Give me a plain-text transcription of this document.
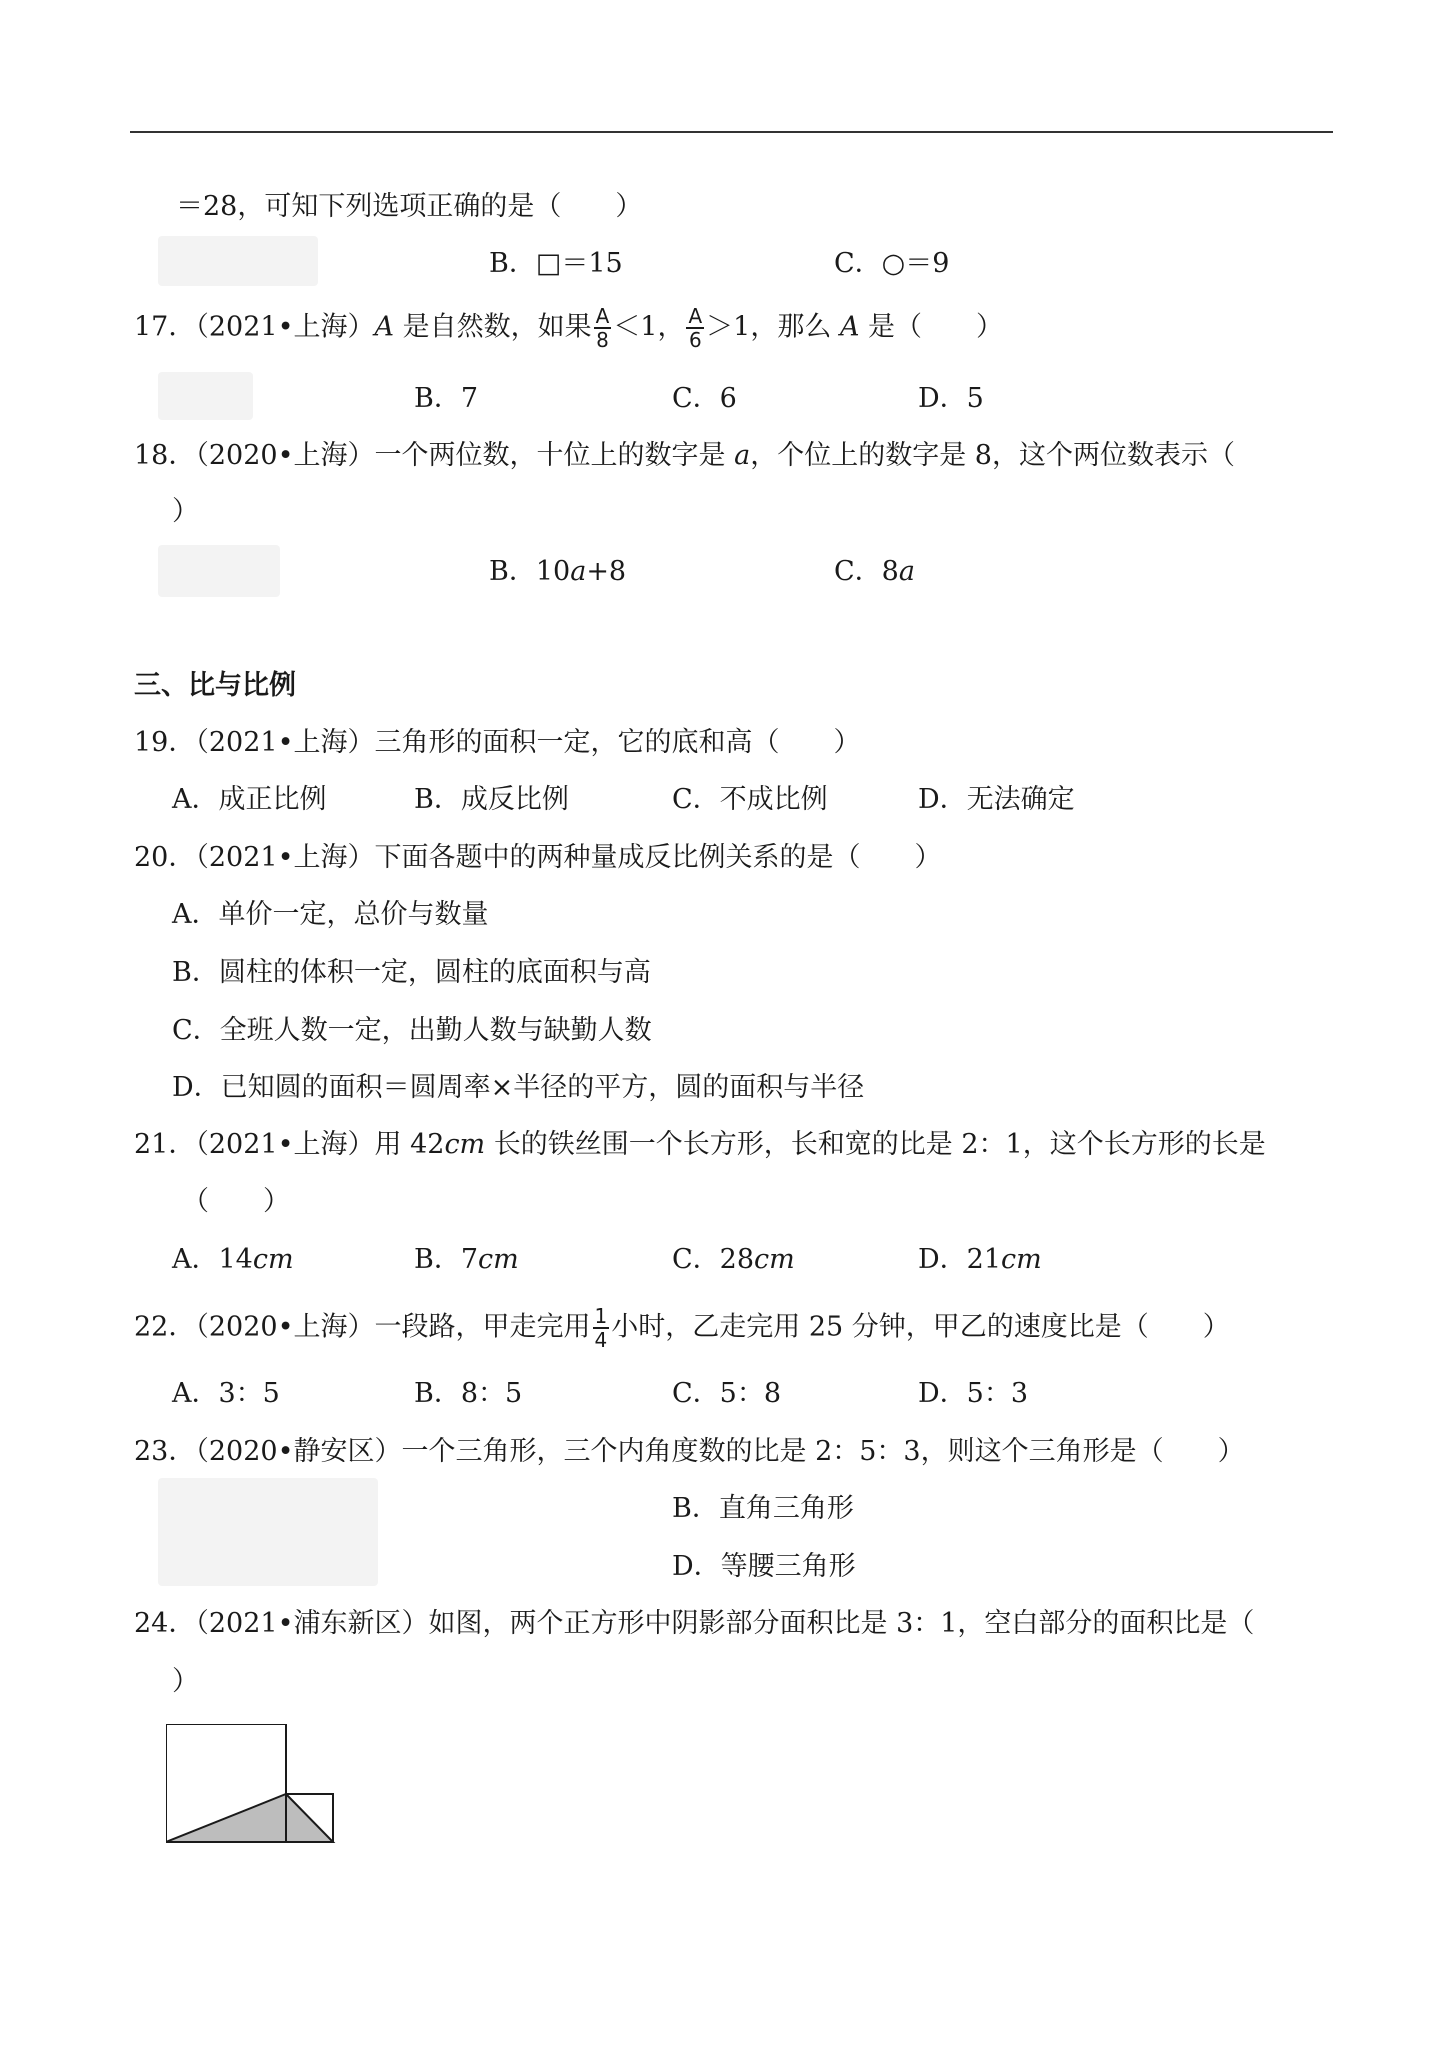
＝28，可知下列选项正确的是（　　）
B．□＝15	C．○＝9
17．（2021•上海）A 是自然数，如果 $\frac{A}{8} <1$， $\frac{A}{6} >1$，那么 A 是（　　）
B．7	C．6	D．5
18．（2020•上海）一个两位数，十位上的数字是 a，个位上的数字是 8，这个两位数表示（
）
B．10a+8	C．8a
三、比与比例
19．（2021•上海）三角形的面积一定，它的底和高（　　）
A．成正比例	B．成反比例	C．不成比例	D．无法确定
20．（2021•上海）下面各题中的两种量成反比例关系的是（　　）
A．单价一定，总价与数量
B．圆柱的体积一定，圆柱的底面积与高
C．全班人数一定，出勤人数与缺勤人数
D．已知圆的面积＝圆周率×半径的平方，圆的面积与半径
21．（2021•上海）用 42cm 长的铁丝围一个长方形，长和宽的比是 2：1，这个长方形的长是
（　　）
A．14cm	B．7cm	C．28cm	D．21cm
22．（2020•上海）一段路，甲走完用 $\frac{1}{4}$ 小时，乙走完用 25 分钟，甲乙的速度比是（　　）
A．3：5	B．8：5	C．5：8	D．5：3
23．（2020•静安区）一个三角形，三个内角度数的比是 2：5：3，则这个三角形是（　　）
B．直角三角形
D．等腰三角形
24．（2021•浦东新区）如图，两个正方形中阴影部分面积比是 3：1，空白部分的面积比是（
）
